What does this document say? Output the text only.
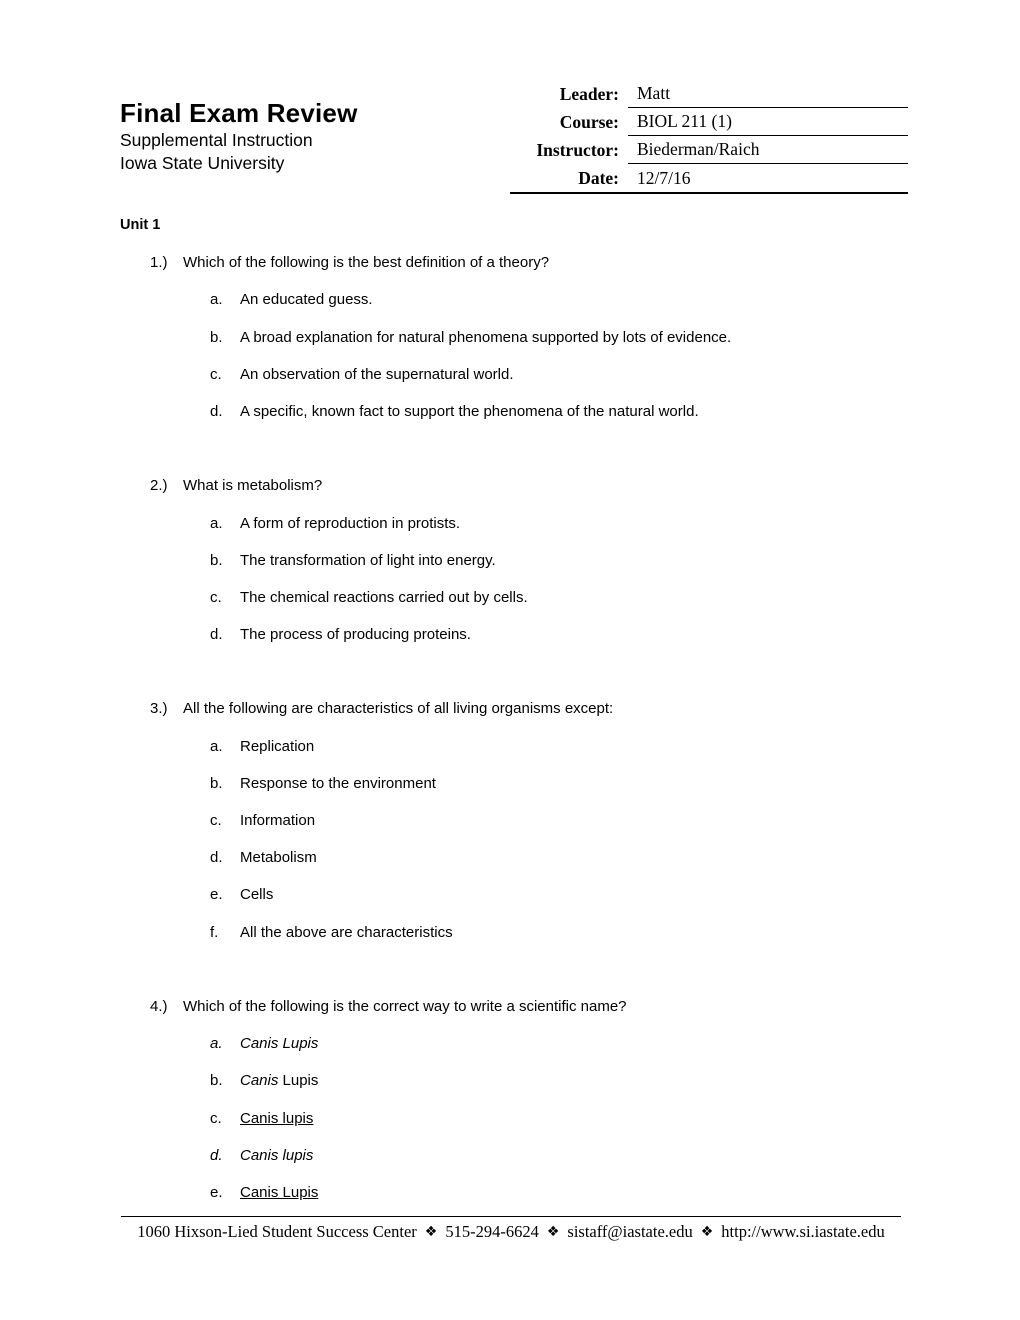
Final Exam Review
Supplemental Instruction
Iowa State University
Leader:	Matt
Course:	BIOL 211 (1)
Instructor:	Biederman/Raich
Date:	12/7/16
Unit 1
1.) Which of the following is the best definition of a theory?
a. An educated guess.
b. A broad explanation for natural phenomena supported by lots of evidence.
c. An observation of the supernatural world.
d. A specific, known fact to support the phenomena of the natural world.
2.) What is metabolism?
a. A form of reproduction in protists.
b. The transformation of light into energy.
c. The chemical reactions carried out by cells.
d. The process of producing proteins.
3.) All the following are characteristics of all living organisms except:
a. Replication
b. Response to the environment
c. Information
d. Metabolism
e. Cells
f. All the above are characteristics
4.) Which of the following is the correct way to write a scientific name?
a. Canis Lupis
b. Canis Lupis
c. Canis lupis
d. Canis lupis
e. Canis Lupis
1060 Hixson-Lied Student Success Center ❖ 515-294-6624 ❖ sistaff@iastate.edu ❖ http://www.si.iastate.edu
